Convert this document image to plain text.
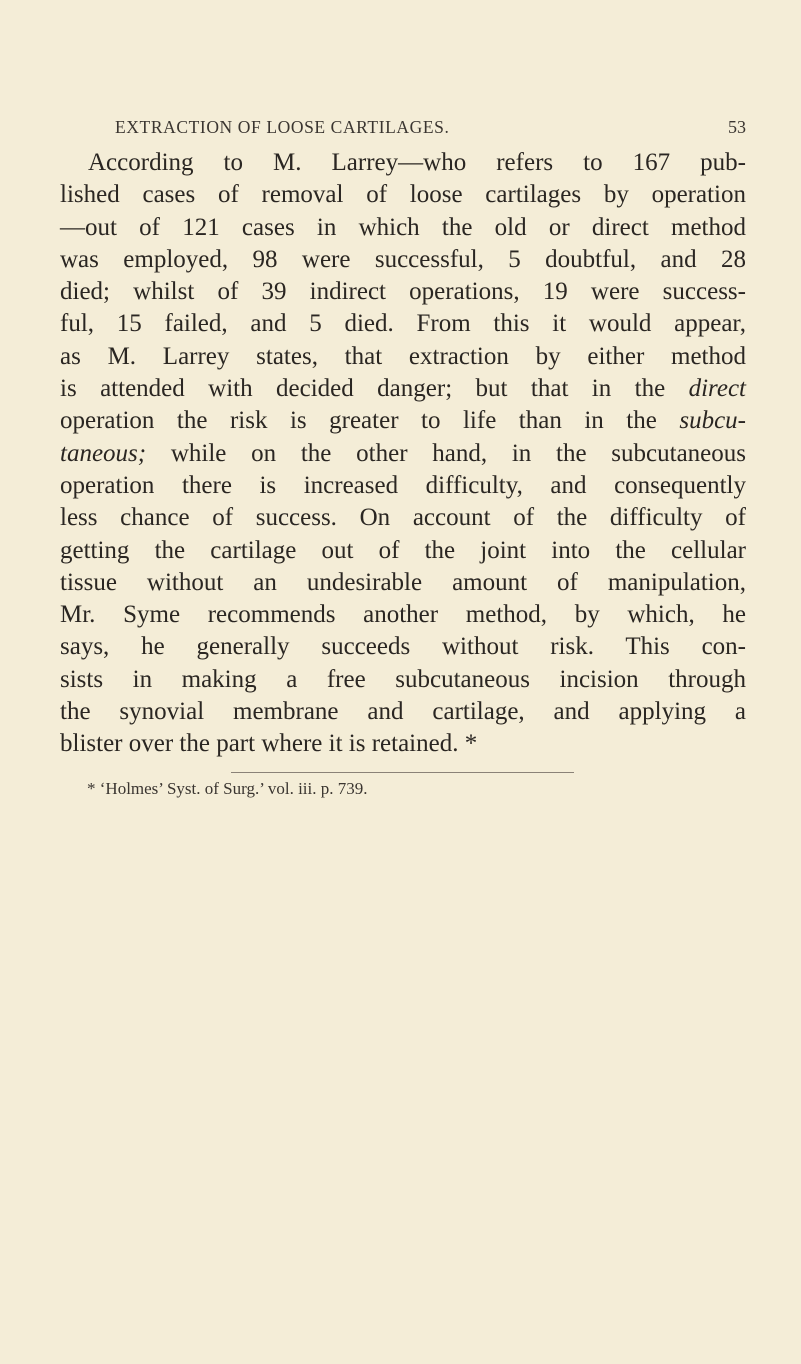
EXTRACTION OF LOOSE CARTILAGES.	53
According to M. Larrey—who refers to 167 pub-
lished cases of removal of loose cartilages by operation
—out of 121 cases in which the old or direct method
was employed, 98 were successful, 5 doubtful, and 28
died; whilst of 39 indirect operations, 19 were success-
ful, 15 failed, and 5 died. From this it would appear,
as M. Larrey states, that extraction by either method
is attended with decided danger; but that in the direct
operation the risk is greater to life than in the subcu-
taneous; while on the other hand, in the subcutaneous
operation there is increased difficulty, and consequently
less chance of success. On account of the difficulty of
getting the cartilage out of the joint into the cellular
tissue without an undesirable amount of manipulation,
Mr. Syme recommends another method, by which, he
says, he generally succeeds without risk. This con-
sists in making a free subcutaneous incision through
the synovial membrane and cartilage, and applying a
blister over the part where it is retained. *
* ‘Holmes’ Syst. of Surg.’ vol. iii. p. 739.
